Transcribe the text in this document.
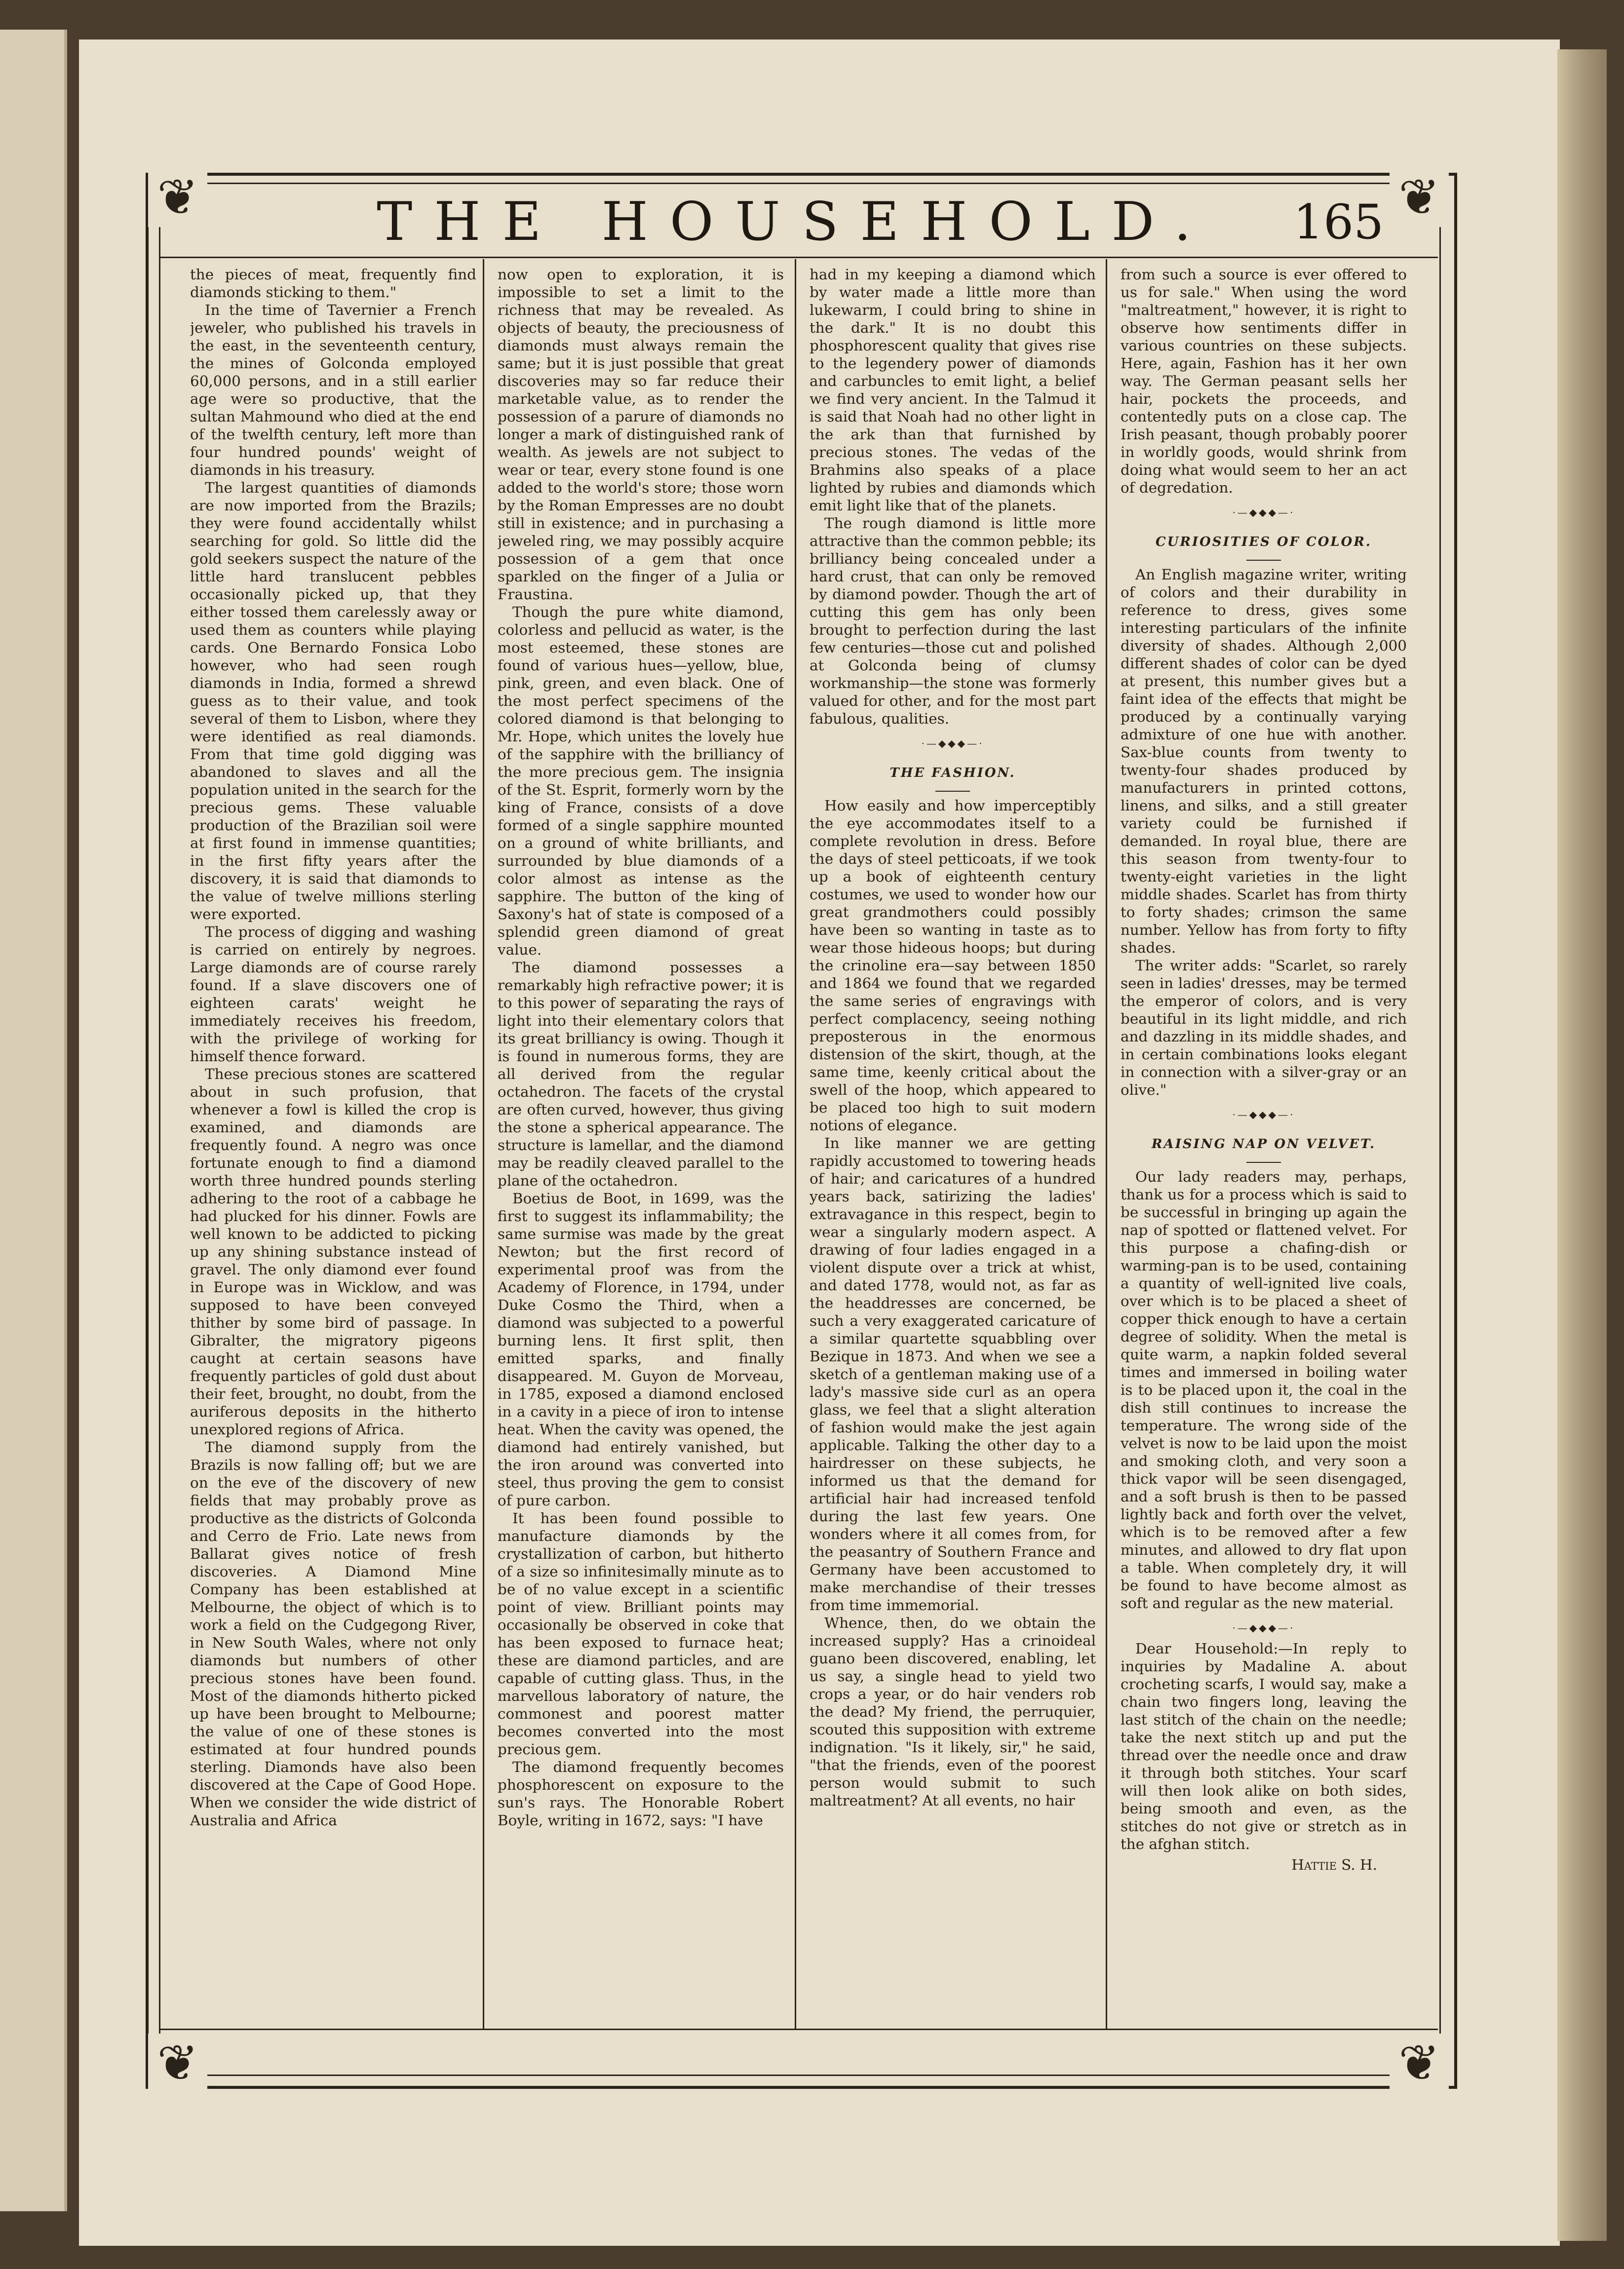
❦	❦
❦	❦
THE HOUSEHOLD.	165

the pieces of meat, frequently find diamonds sticking to them."

In the time of Tavernier a French jeweler, who published his travels in the east, in the seventeenth century, the mines of Golconda employed 60,000 persons, and in a still earlier age were so productive, that the sultan Mahmound who died at the end of the twelfth century, left more than four hundred pounds' weight of diamonds in his treasury.

The largest quantities of diamonds are now imported from the Brazils; they were found accidentally whilst searching for gold. So little did the gold seekers suspect the nature of the little hard translucent pebbles occasionally picked up, that they either tossed them carelessly away or used them as counters while playing cards. One Bernardo Fonsica Lobo however, who had seen rough diamonds in India, formed a shrewd guess as to their value, and took several of them to Lisbon, where they were identified as real diamonds. From that time gold digging was abandoned to slaves and all the population united in the search for the precious gems. These valuable production of the Brazilian soil were at first found in immense quantities; in the first fifty years after the discovery, it is said that diamonds to the value of twelve millions sterling were exported.

The process of digging and washing is carried on entirely by negroes. Large diamonds are of course rarely found. If a slave discovers one of eighteen carats' weight he immediately receives his freedom, with the privilege of working for himself thence forward.

These precious stones are scattered about in such profusion, that whenever a fowl is killed the crop is examined, and diamonds are frequently found. A negro was once fortunate enough to find a diamond worth three hundred pounds sterling adhering to the root of a cabbage he had plucked for his dinner. Fowls are well known to be addicted to picking up any shining substance instead of gravel. The only diamond ever found in Europe was in Wicklow, and was supposed to have been conveyed thither by some bird of passage. In Gibralter, the migratory pigeons caught at certain seasons have frequently particles of gold dust about their feet, brought, no doubt, from the auriferous deposits in the hitherto unexplored regions of Africa.

The diamond supply from the Brazils is now falling off; but we are on the eve of the discovery of new fields that may probably prove as productive as the districts of Golconda and Cerro de Frio. Late news from Ballarat gives notice of fresh discoveries. A Diamond Mine Company has been established at Melbourne, the object of which is to work a field on the Cudgegong River, in New South Wales, where not only diamonds but numbers of other precious stones have been found. Most of the diamonds hitherto picked up have been brought to Melbourne; the value of one of these stones is estimated at four hundred pounds sterling. Diamonds have also been discovered at the Cape of Good Hope. When we consider the wide district of Australia and Africa

now open to exploration, it is impossible to set a limit to the richness that may be revealed. As objects of beauty, the preciousness of diamonds must always remain the same; but it is just possible that great discoveries may so far reduce their marketable value, as to render the possession of a parure of diamonds no longer a mark of distinguished rank of wealth. As jewels are not subject to wear or tear, every stone found is one added to the world's store; those worn by the Roman Empresses are no doubt still in existence; and in purchasing a jeweled ring, we may possibly acquire possession of a gem that once sparkled on the finger of a Julia or Fraustina.

Though the pure white diamond, colorless and pellucid as water, is the most esteemed, these stones are found of various hues—yellow, blue, pink, green, and even black. One of the most perfect specimens of the colored diamond is that belonging to Mr. Hope, which unites the lovely hue of the sapphire with the brilliancy of the more precious gem. The insignia of the St. Esprit, formerly worn by the king of France, consists of a dove formed of a single sapphire mounted on a ground of white brilliants, and surrounded by blue diamonds of a color almost as intense as the sapphire. The button of the king of Saxony's hat of state is composed of a splendid green diamond of great value.

The diamond possesses a remarkably high refractive power; it is to this power of separating the rays of light into their elementary colors that its great brilliancy is owing. Though it is found in numerous forms, they are all derived from the regular octahedron. The facets of the crystal are often curved, however, thus giving the stone a spherical appearance. The structure is lamellar, and the diamond may be readily cleaved parallel to the plane of the octahedron.

Boetius de Boot, in 1699, was the first to suggest its inflammability; the same surmise was made by the great Newton; but the first record of experimental proof was from the Academy of Florence, in 1794, under Duke Cosmo the Third, when a diamond was subjected to a powerful burning lens. It first split, then emitted sparks, and finally disappeared. M. Guyon de Morveau, in 1785, exposed a diamond enclosed in a cavity in a piece of iron to intense heat. When the cavity was opened, the diamond had entirely vanished, but the iron around was converted into steel, thus proving the gem to consist of pure carbon.

It has been found possible to manufacture diamonds by the crystallization of carbon, but hitherto of a size so infinitesimally minute as to be of no value except in a scientific point of view. Brilliant points may occasionally be observed in coke that has been exposed to furnace heat; these are diamond particles, and are capable of cutting glass. Thus, in the marvellous laboratory of nature, the commonest and poorest matter becomes converted into the most precious gem.

The diamond frequently becomes phosphorescent on exposure to the sun's rays. The Honorable Robert Boyle, writing in 1672, says: "I have

had in my keeping a diamond which by water made a little more than lukewarm, I could bring to shine in the dark." It is no doubt this phosphorescent quality that gives rise to the legendery power of diamonds and carbuncles to emit light, a belief we find very ancient. In the Talmud it is said that Noah had no other light in the ark than that furnished by precious stones. The vedas of the Brahmins also speaks of a place lighted by rubies and diamonds which emit light like that of the planets.

The rough diamond is little more attractive than the common pebble; its brilliancy being concealed under a hard crust, that can only be removed by diamond powder. Though the art of cutting this gem has only been brought to perfection during the last few centuries—those cut and polished at Golconda being of clumsy workmanship—the stone was formerly valued for other, and for the most part fabulous, qualities.

·—◆◆◆—·
THE FASHION.

How easily and how imperceptibly the eye accommodates itself to a complete revolution in dress. Before the days of steel petticoats, if we took up a book of eighteenth century costumes, we used to wonder how our great grandmothers could possibly have been so wanting in taste as to wear those hideous hoops; but during the crinoline era—say between 1850 and 1864 we found that we regarded the same series of engravings with perfect complacency, seeing nothing preposterous in the enormous distension of the skirt, though, at the same time, keenly critical about the swell of the hoop, which appeared to be placed too high to suit modern notions of elegance.

In like manner we are getting rapidly accustomed to towering heads of hair; and caricatures of a hundred years back, satirizing the ladies' extravagance in this respect, begin to wear a singularly modern aspect. A drawing of four ladies engaged in a violent dispute over a trick at whist, and dated 1778, would not, as far as the headdresses are concerned, be such a very exaggerated caricature of a similar quartette squabbling over Bezique in 1873. And when we see a sketch of a gentleman making use of a lady's massive side curl as an opera glass, we feel that a slight alteration of fashion would make the jest again applicable. Talking the other day to a hairdresser on these subjects, he informed us that the demand for artificial hair had increased tenfold during the last few years. One wonders where it all comes from, for the peasantry of Southern France and Germany have been accustomed to make merchandise of their tresses from time immemorial.

Whence, then, do we obtain the increased supply? Has a crinoideal guano been discovered, enabling, let us say, a single head to yield two crops a year, or do hair venders rob the dead? My friend, the perruquier, scouted this supposition with extreme indignation. "Is it likely, sir," he said, "that the friends, even of the poorest person would submit to such maltreatment? At all events, no hair

from such a source is ever offered to us for sale." When using the word "maltreatment," however, it is right to observe how sentiments differ in various countries on these subjects. Here, again, Fashion has it her own way. The German peasant sells her hair, pockets the proceeds, and contentedly puts on a close cap. The Irish peasant, though probably poorer in worldly goods, would shrink from doing what would seem to her an act of degredation.

·—◆◆◆—·
CURIOSITIES OF COLOR.

An English magazine writer, writing of colors and their durability in reference to dress, gives some interesting particulars of the infinite diversity of shades. Although 2,000 different shades of color can be dyed at present, this number gives but a faint idea of the effects that might be produced by a continually varying admixture of one hue with another. Sax-blue counts from twenty to twenty-four shades produced by manufacturers in printed cottons, linens, and silks, and a still greater variety could be furnished if demanded. In royal blue, there are this season from twenty-four to twenty-eight varieties in the light middle shades. Scarlet has from thirty to forty shades; crimson the same number. Yellow has from forty to fifty shades.

The writer adds: "Scarlet, so rarely seen in ladies' dresses, may be termed the emperor of colors, and is very beautiful in its light middle, and rich and dazzling in its middle shades, and in certain combinations looks elegant in connection with a silver-gray or an olive."

·—◆◆◆—·
RAISING NAP ON VELVET.

Our lady readers may, perhaps, thank us for a process which is said to be successful in bringing up again the nap of spotted or flattened velvet. For this purpose a chafing-dish or warming-pan is to be used, containing a quantity of well-ignited live coals, over which is to be placed a sheet of copper thick enough to have a certain degree of solidity. When the metal is quite warm, a napkin folded several times and immersed in boiling water is to be placed upon it, the coal in the dish still continues to increase the temperature. The wrong side of the velvet is now to be laid upon the moist and smoking cloth, and very soon a thick vapor will be seen disengaged, and a soft brush is then to be passed lightly back and forth over the velvet, which is to be removed after a few minutes, and allowed to dry flat upon a table. When completely dry, it will be found to have become almost as soft and regular as the new material.

·—◆◆◆—·

Dear Household:—In reply to inquiries by Madaline A. about crocheting scarfs, I would say, make a chain two fingers long, leaving the last stitch of the chain on the needle; take the next stitch up and put the thread over the needle once and draw it through both stitches. Your scarf will then look alike on both sides, being smooth and even, as the stitches do not give or stretch as in the afghan stitch.

Hattie S. H.
